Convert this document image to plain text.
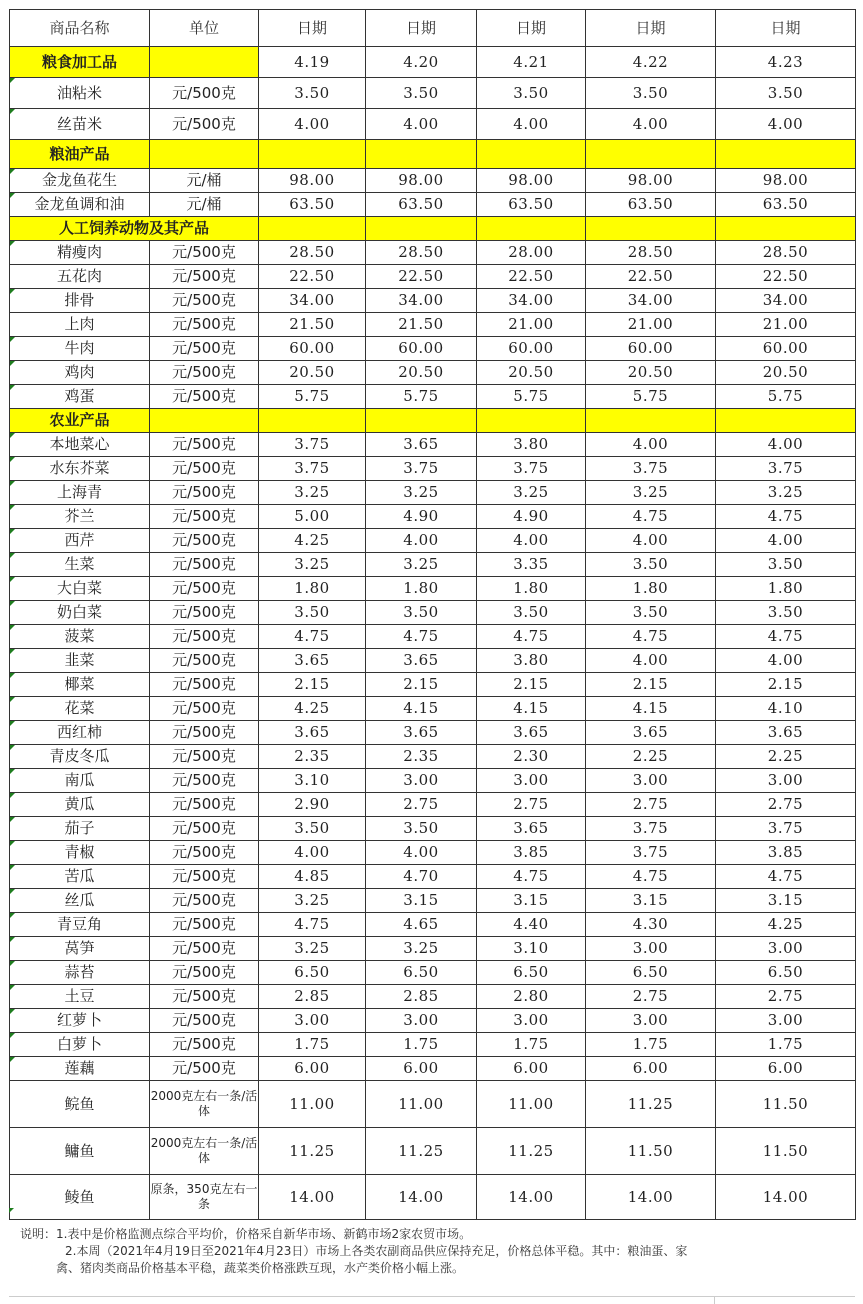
商品名称	单位	日期	日期	日期	日期	日期
粮食加工品		4.19	4.20	4.21	4.22	4.23

油粘米	元/500克	3.50	3.50	3.50	3.50	3.50

丝苗米	元/500克	4.00	4.00	4.00	4.00	4.00
粮油产品						

金龙鱼花生	元/桶	98.00	98.00	98.00	98.00	98.00

金龙鱼调和油	元/桶	63.50	63.50	63.50	63.50	63.50
人工饲养动物及其产品						

精瘦肉	元/500克	28.50	28.50	28.00	28.50	28.50
五花肉	元/500克	22.50	22.50	22.50	22.50	22.50

排骨	元/500克	34.00	34.00	34.00	34.00	34.00
上肉	元/500克	21.50	21.50	21.00	21.00	21.00

牛肉	元/500克	60.00	60.00	60.00	60.00	60.00

鸡肉	元/500克	20.50	20.50	20.50	20.50	20.50

鸡蛋	元/500克	5.75	5.75	5.75	5.75	5.75
农业产品						

本地菜心	元/500克	3.75	3.65	3.80	4.00	4.00

水东芥菜	元/500克	3.75	3.75	3.75	3.75	3.75

上海青	元/500克	3.25	3.25	3.25	3.25	3.25

芥兰	元/500克	5.00	4.90	4.90	4.75	4.75

西芹	元/500克	4.25	4.00	4.00	4.00	4.00

生菜	元/500克	3.25	3.25	3.35	3.50	3.50

大白菜	元/500克	1.80	1.80	1.80	1.80	1.80

奶白菜	元/500克	3.50	3.50	3.50	3.50	3.50

菠菜	元/500克	4.75	4.75	4.75	4.75	4.75

韭菜	元/500克	3.65	3.65	3.80	4.00	4.00

椰菜	元/500克	2.15	2.15	2.15	2.15	2.15

花菜	元/500克	4.25	4.15	4.15	4.15	4.10

西红柿	元/500克	3.65	3.65	3.65	3.65	3.65

青皮冬瓜	元/500克	2.35	2.35	2.30	2.25	2.25

南瓜	元/500克	3.10	3.00	3.00	3.00	3.00

黄瓜	元/500克	2.90	2.75	2.75	2.75	2.75

茄子	元/500克	3.50	3.50	3.65	3.75	3.75

青椒	元/500克	4.00	4.00	3.85	3.75	3.85

苦瓜	元/500克	4.85	4.70	4.75	4.75	4.75

丝瓜	元/500克	3.25	3.15	3.15	3.15	3.15

青豆角	元/500克	4.75	4.65	4.40	4.30	4.25

莴笋	元/500克	3.25	3.25	3.10	3.00	3.00

蒜苔	元/500克	6.50	6.50	6.50	6.50	6.50

土豆	元/500克	2.85	2.85	2.80	2.75	2.75

红萝卜	元/500克	3.00	3.00	3.00	3.00	3.00

白萝卜	元/500克	1.75	1.75	1.75	1.75	1.75

莲藕	元/500克	6.00	6.00	6.00	6.00	6.00
鲩鱼	2000克左右一条/活体	11.00	11.00	11.00	11.25	11.50
鳙鱼	2000克左右一条/活体	11.25	11.25	11.25	11.50	11.50
鲮鱼	原条，350克左右一条	14.00	14.00	14.00	14.00	14.00
说明：1.表中是价格监测点综合平均价，价格采自新华市场、新鹤市场2家农贸市场。
2.本周（2021年4月19日至2021年4月23日）市场上各类农副商品供应保持充足，价格总体平稳。其中：粮油蛋、家
禽、猪肉类商品价格基本平稳，蔬菜类价格涨跌互现，水产类价格小幅上涨。
